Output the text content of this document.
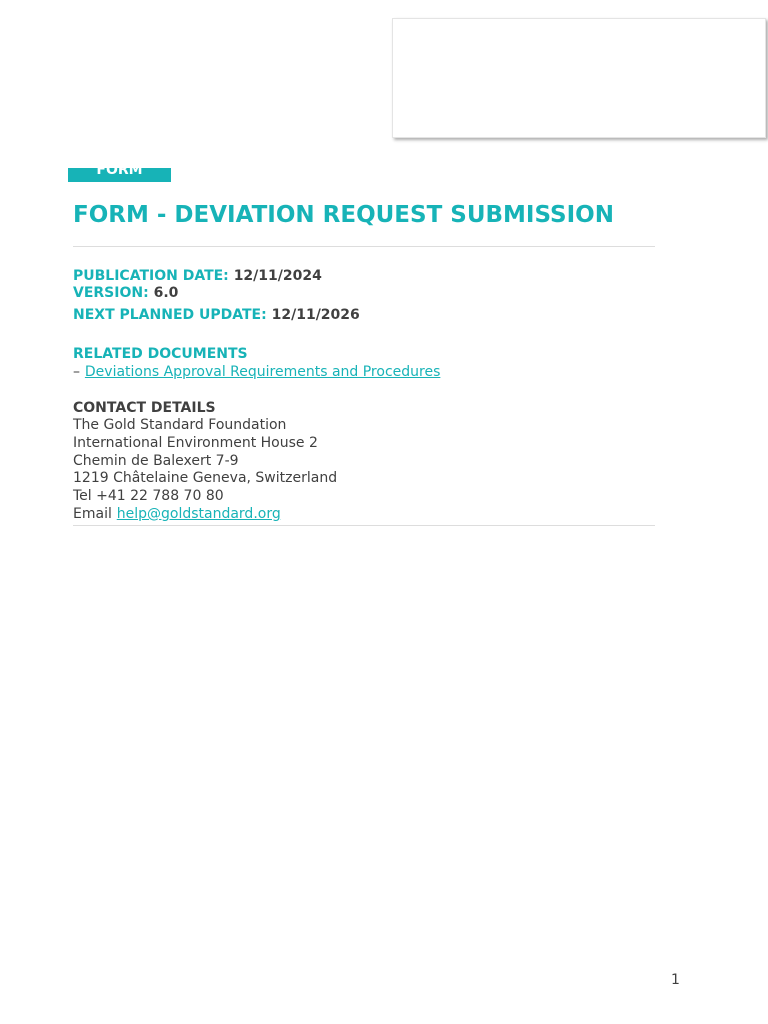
FORM
FORM - DEVIATION REQUEST SUBMISSION
PUBLICATION DATE: 12/11/2024
VERSION: 6.0
NEXT PLANNED UPDATE: 12/11/2026
RELATED DOCUMENTS
– Deviations Approval Requirements and Procedures
CONTACT DETAILS
The Gold Standard Foundation
International Environment House 2
Chemin de Balexert 7-9
1219 Châtelaine Geneva, Switzerland
Tel +41 22 788 70 80
Email help@goldstandard.org
1
